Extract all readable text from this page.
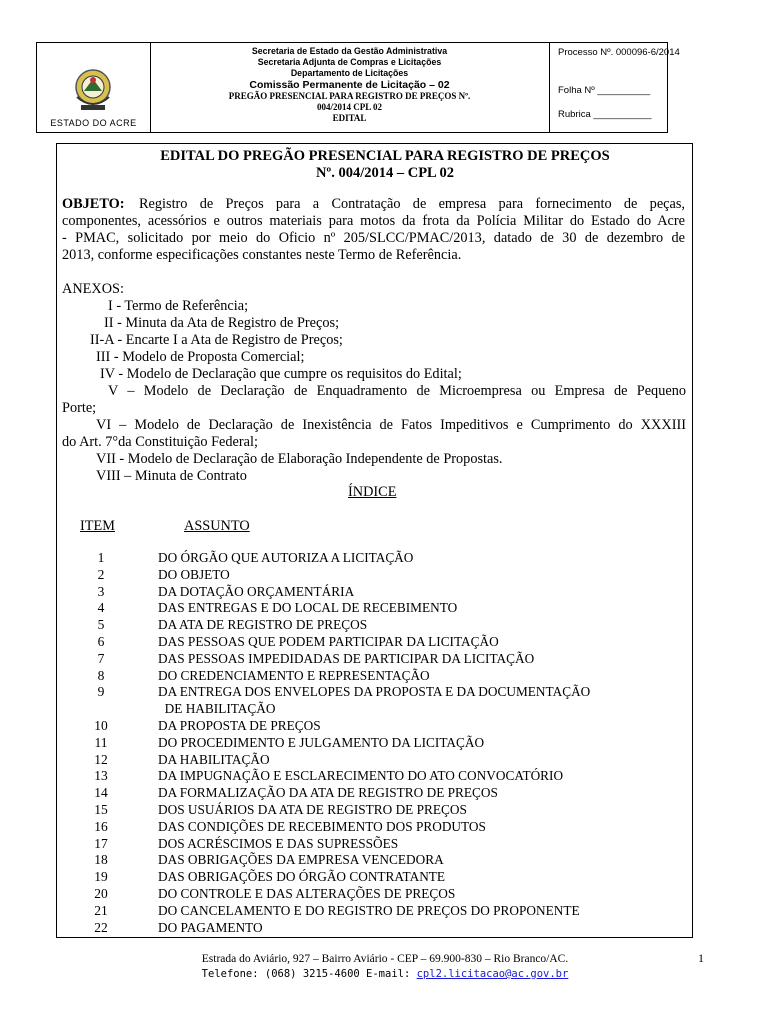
ESTADO DO ACRE
Secretaria de Estado da Gestão Administrativa
Secretaria Adjunta de Compras e Licitações
Departamento de Licitações
Comissão Permanente de Licitação – 02
PREGÃO PRESENCIAL PARA REGISTRO DE PREÇOS Nº.
004/2014 CPL 02
EDITAL
Processo Nº. 000096-6/2014
Folha Nº __________
Rubrica ___________
EDITAL DO PREGÃO PRESENCIAL PARA REGISTRO DE PREÇOS
Nº. 004/2014 – CPL 02
OBJETO: Registro de Preços para a Contratação de empresa para fornecimento de peças,
componentes, acessórios e outros materiais para motos da frota da Polícia Militar do Estado do Acre
- PMAC, solicitado por meio do Oficio nº 205/SLCC/PMAC/2013, datado de 30 de dezembro de
2013, conforme especificações constantes neste Termo de Referência.
ANEXOS:
I - Termo de Referência;
II - Minuta da Ata de Registro de Preços;
II-A - Encarte I a Ata de Registro de Preços;
III - Modelo de Proposta Comercial;
IV - Modelo de Declaração que cumpre os requisitos do Edital;
V – Modelo de Declaração de Enquadramento de Microempresa ou Empresa de Pequeno
Porte;
VI – Modelo de Declaração de Inexistência de Fatos Impeditivos e Cumprimento do XXXIII
do Art. 7°da Constituição Federal;
VII - Modelo de Declaração de Elaboração Independente de Propostas.
VIII – Minuta de Contrato
ÍNDICE
ITEM	ASSUNTO
1	DO ÓRGÃO QUE AUTORIZA A LICITAÇÃO
2	DO OBJETO
3	DA DOTAÇÃO ORÇAMENTÁRIA
4	DAS ENTREGAS E DO LOCAL DE RECEBIMENTO
5	DA ATA DE REGISTRO DE PREÇOS
6	DAS PESSOAS QUE PODEM PARTICIPAR DA LICITAÇÃO
7	DAS PESSOAS IMPEDIDADAS DE PARTICIPAR DA LICITAÇÃO
8	DO CREDENCIAMENTO E REPRESENTAÇÃO
9	DA ENTREGA DOS ENVELOPES DA PROPOSTA E DA DOCUMENTAÇÃO
DE HABILITAÇÃO
10	DA PROPOSTA DE PREÇOS
11	DO PROCEDIMENTO E JULGAMENTO DA LICITAÇÃO
12	DA HABILITAÇÃO
13	DA IMPUGNAÇÃO E ESCLARECIMENTO DO ATO CONVOCATÓRIO
14	DA FORMALIZAÇÃO DA ATA DE REGISTRO DE PREÇOS
15	DOS USUÁRIOS DA ATA DE REGISTRO DE PREÇOS
16	DAS CONDIÇÕES DE RECEBIMENTO DOS PRODUTOS
17	DOS ACRÉSCIMOS E DAS SUPRESSÕES
18	DAS OBRIGAÇÕES DA EMPRESA VENCEDORA
19	DAS OBRIGAÇÕES DO ÓRGÃO CONTRATANTE
20	DO CONTROLE E DAS ALTERAÇÕES DE PREÇOS
21	DO CANCELAMENTO E DO REGISTRO DE PREÇOS DO PROPONENTE
22	DO PAGAMENTO
Estrada do Aviário, 927 – Bairro Aviário - CEP – 69.900-830 – Rio Branco/AC.
Telefone: (068) 3215-4600 E-mail: cpl2.licitacao@ac.gov.br
1
